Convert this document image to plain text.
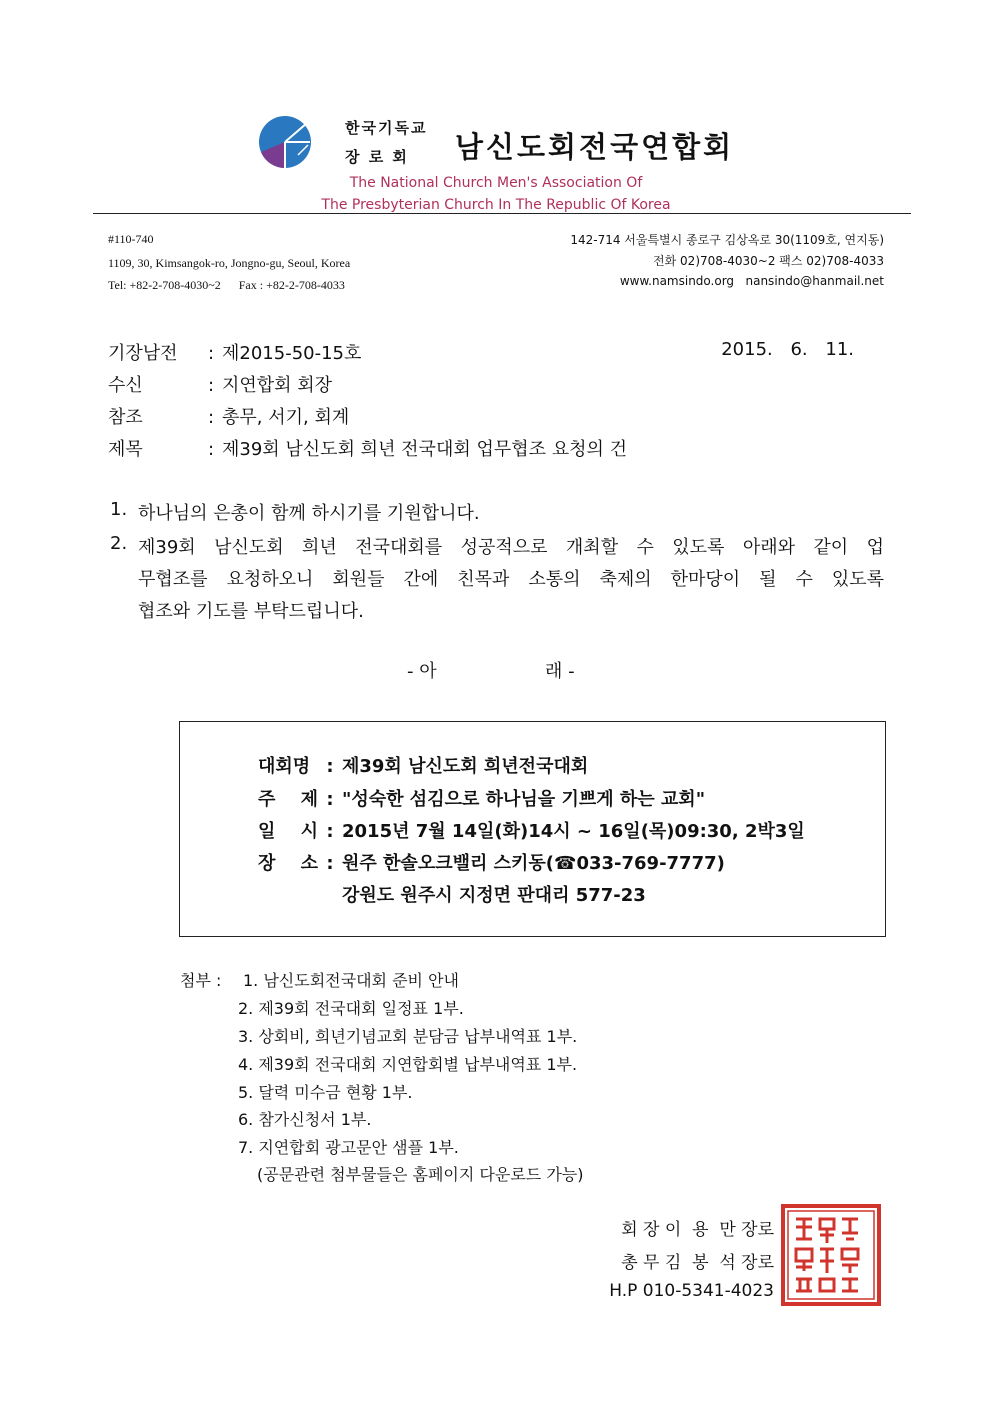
한국기독교
장 로 회 남신도회전국연합회
The National Church Men's Association Of
The Presbyterian Church In The Republic Of Korea
#110-740
1109, 30, Kimsangok-ro, Jongno-gu, Seoul, Korea
Tel: +82-2-708-4030~2      Fax : +82-2-708-4033
142-714 서울특별시 종로구 김상옥로 30(1109호, 연지동)
전화 02)708-4030~2 팩스 02)708-4033
www.namsindo.org   nansindo@hanmail.net
기장남전 : 제2015-50-15호	2015. 6. 11.
수신	: 지연합회 회장
참조	: 총무, 서기, 회계
제목	: 제39회 남신도회 희년 전국대회 업무협조 요청의 건
1. 하나님의 은총이 함께 하시기를 기원합니다.
2. 제39회 남신도회 희년 전국대회를 성공적으로 개최할 수 있도록 아래와 같이 업
무협조를 요청하오니 회원들 간에 친목과 소통의 축제의 한마당이 될 수 있도록
협조와 기도를 부탁드립니다.
- 아	래 -
대회명 : 제39회 남신도회 희년전국대회
주 제 : "성숙한 섬김으로 하나님을 기쁘게 하는 교회"
일 시 : 2015년 7월 14일(화)14시 ~ 16일(목)09:30, 2박3일
장 소 : 원주 한솔오크밸리 스키동(☎033-769-7777)
강원도 원주시 지정면 판대리 577-23
첨부 : 1. 남신도회전국대회 준비 안내
2. 제39회 전국대회 일정표 1부.
3. 상회비, 희년기념교회 분담금 납부내역표 1부.
4. 제39회 전국대회 지연합회별 납부내역표 1부.
5. 달력 미수금 현황 1부.
6. 참가신청서 1부.
7. 지연합회 광고문안 샘플 1부.
(공문관련 첨부물들은 홈페이지 다운로드 가능)
회 장 이  용  만 장로
총 무 김  봉  석 장로
H.P 010-5341-4023
